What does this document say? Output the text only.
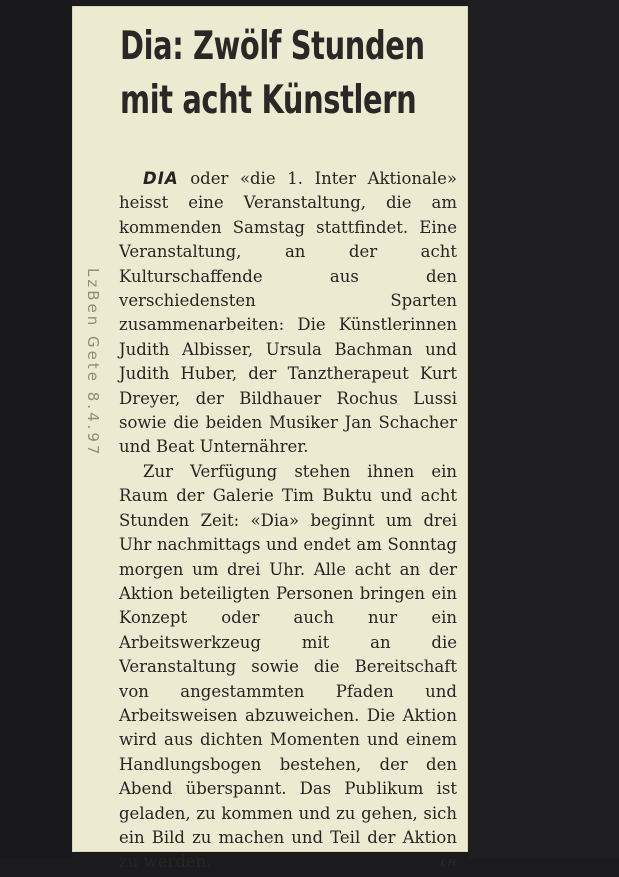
Dia: Zwölf Stunden
mit acht Künstlern
LzBen Gete 8.4.97

DIA oder «die 1. Inter Aktionale» heisst eine Veranstaltung, die am kommenden Samstag stattfindet. Eine Veranstaltung, an der acht Kulturschaffende aus den verschiedensten Sparten zusammenarbeiten: Die Künstlerinnen Judith Albisser, Ursula Bachman und Judith Huber, der Tanztherapeut Kurt Dreyer, der Bildhauer Rochus Lussi sowie die beiden Musiker Jan Schacher und Beat Unternährer.

Zur Verfügung stehen ihnen ein Raum der Galerie Tim Buktu und acht Stunden Zeit: «Dia» beginnt um drei Uhr nachmittags und endet am Sonntag morgen um drei Uhr. Alle acht an der Aktion beteiligten Personen bringen ein Konzept oder auch nur ein Arbeitswerkzeug mit an die Veranstaltung sowie die Bereitschaft von angestammten Pfaden und Arbeitsweisen abzuweichen. Die Aktion wird aus dichten Momenten und einem Handlungsbogen bestehen, der den Abend überspannt. Das Publikum ist geladen, zu kommen und zu gehen, sich ein Bild zu machen und Teil der Aktion zu werden.	LH
